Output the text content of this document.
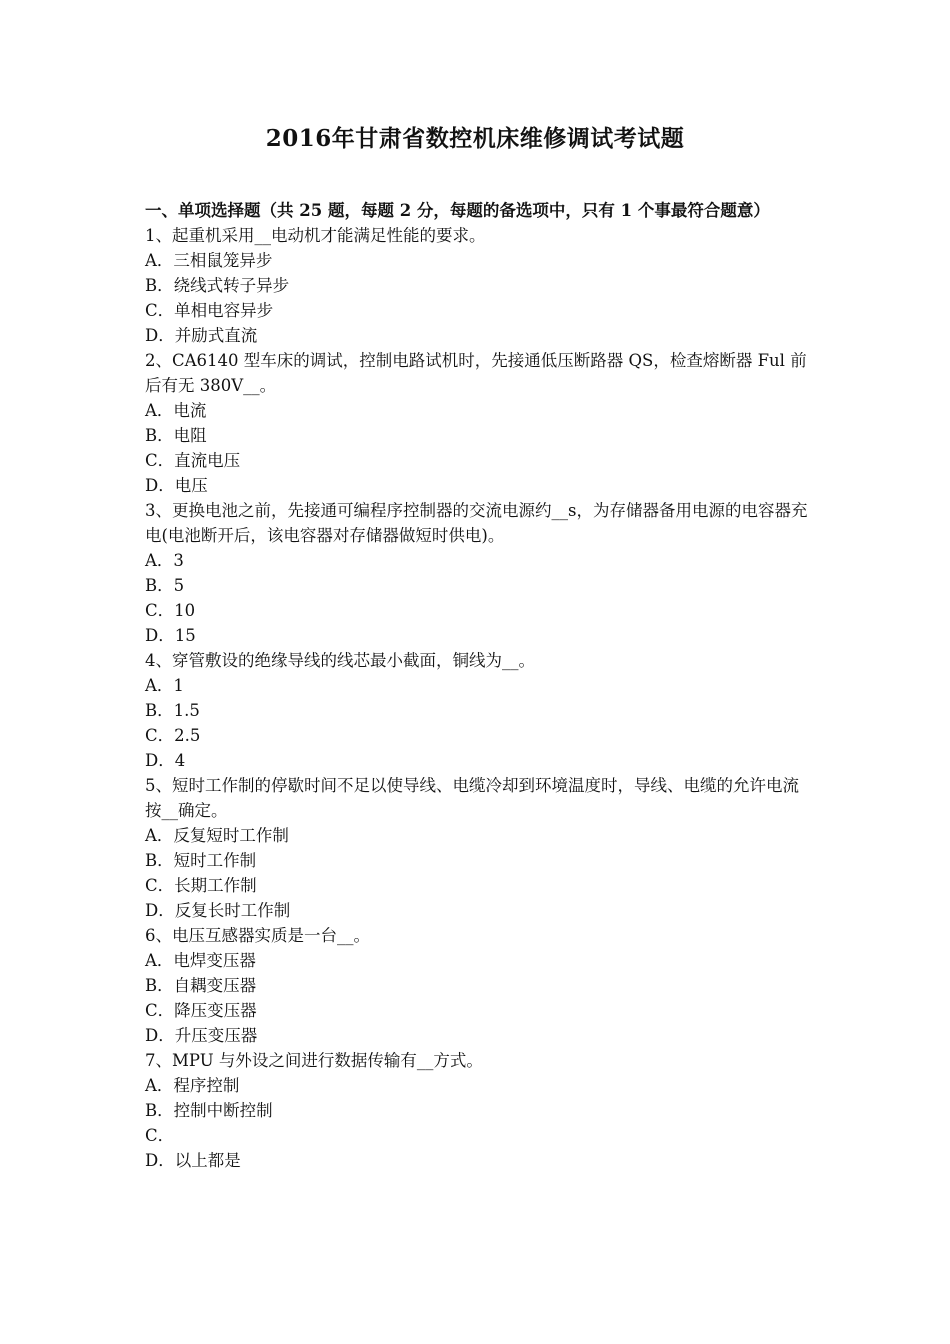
2016年甘肃省数控机床维修调试考试题
一、单项选择题（共 25 题，每题 2 分，每题的备选项中，只有 1 个事最符合题意）
1、起重机采用__电动机才能满足性能的要求。
A．三相鼠笼异步
B．绕线式转子异步
C．单相电容异步
D．并励式直流
2、CA6140 型车床的调试，控制电路试机时，先接通低压断路器 QS，检查熔断器 Ful 前后有无 380V__。
A．电流
B．电阻
C．直流电压
D．电压
3、更换电池之前，先接通可编程序控制器的交流电源约__s，为存储器备用电源的电容器充电(电池断开后，该电容器对存储器做短时供电)。
A．3
B．5
C．10
D．15
4、穿管敷设的绝缘导线的线芯最小截面，铜线为__。
A．1
B．1.5
C．2.5
D．4
5、短时工作制的停歇时间不足以使导线、电缆冷却到环境温度时，导线、电缆的允许电流按__确定。
A．反复短时工作制
B．短时工作制
C．长期工作制
D．反复长时工作制
6、电压互感器实质是一台__。
A．电焊变压器
B．自耦变压器
C．降压变压器
D．升压变压器
7、MPU 与外设之间进行数据传输有__方式。
A．程序控制
B．控制中断控制
C．
D．以上都是
